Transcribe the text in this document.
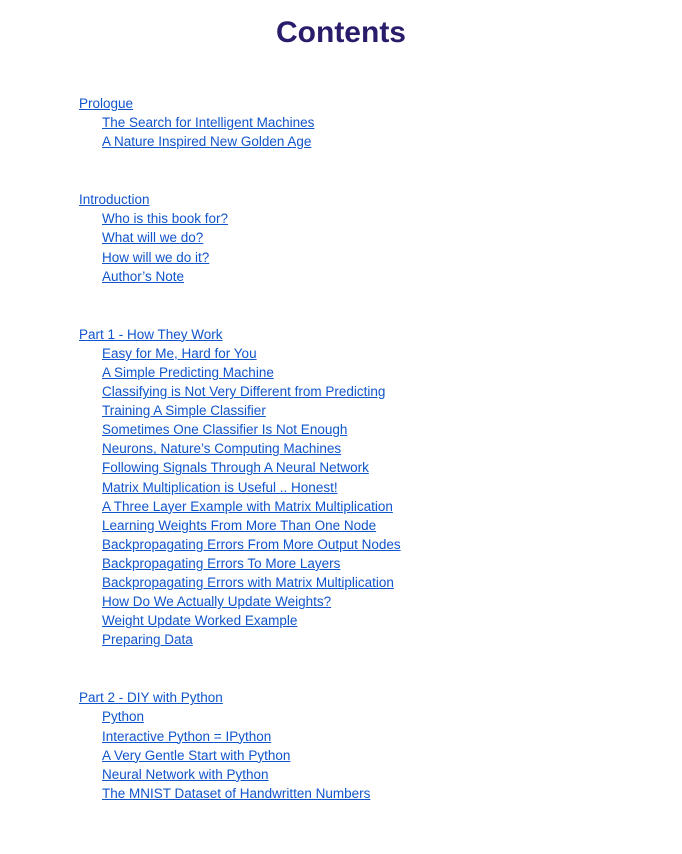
Contents
Prologue
The Search for Intelligent Machines
A Nature Inspired New Golden Age
Introduction
Who is this book for?
What will we do?
How will we do it?
Author’s Note
Part 1 - How They Work
Easy for Me, Hard for You
A Simple Predicting Machine
Classifying is Not Very Different from Predicting
Training A Simple Classifier
Sometimes One Classifier Is Not Enough
Neurons, Nature’s Computing Machines
Following Signals Through A Neural Network
Matrix Multiplication is Useful .. Honest!
A Three Layer Example with Matrix Multiplication
Learning Weights From More Than One Node
Backpropagating Errors From More Output Nodes
Backpropagating Errors To More Layers
Backpropagating Errors with Matrix Multiplication
How Do We Actually Update Weights?
Weight Update Worked Example
Preparing Data
Part 2 - DIY with Python
Python
Interactive Python = IPython
A Very Gentle Start with Python
Neural Network with Python
The MNIST Dataset of Handwritten Numbers
